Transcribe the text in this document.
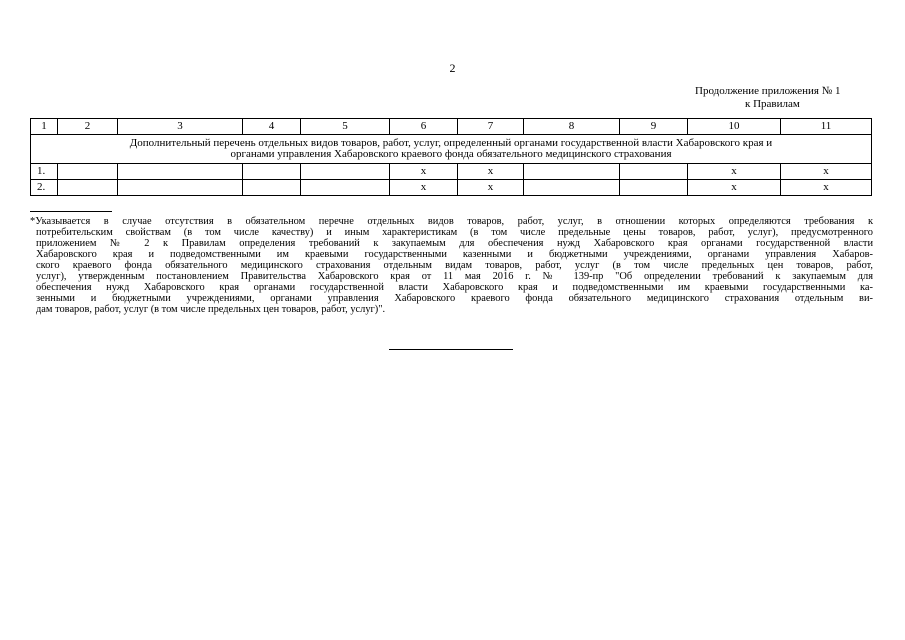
2
Продолжение приложения № 1
к Правилам
1	2	3	4	5	6	7	8	9	10	11

Дополнительный перечень отдельных видов товаров, работ, услуг, определенный органами государственной власти Хабаровского края и
органами управления Хабаровского краевого фонда обязательного медицинского страхования										

1.					x	x			x	x
2.					x	x			x	x
*Указывается в случае отсутствия в обязательном перечне отдельных видов товаров, работ, услуг, в отношении которых определяются требования к
потребительским свойствам (в том числе качеству) и иным характеристикам (в том числе предельные цены товаров, работ, услуг), предусмотренного
приложением № 2 к Правилам определения требований к закупаемым для обеспечения нужд Хабаровского края органами государственной власти
Хабаровского края и подведомственными им краевыми государственными казенными и бюджетными учреждениями, органами управления Хабаров-
ского краевого фонда обязательного медицинского страхования отдельным видам товаров, работ, услуг (в том числе предельных цен товаров, работ,
услуг), утвержденным постановлением Правительства Хабаровского края от 11 мая 2016 г. № 139-пр "Об определении требований к закупаемым для
обеспечения нужд Хабаровского края органами государственной власти Хабаровского края и подведомственными им краевыми государственными ка-
зенными и бюджетными учреждениями, органами управления Хабаровского краевого фонда обязательного медицинского страхования отдельным ви-
дам товаров, работ, услуг (в том числе предельных цен товаров, работ, услуг)".
